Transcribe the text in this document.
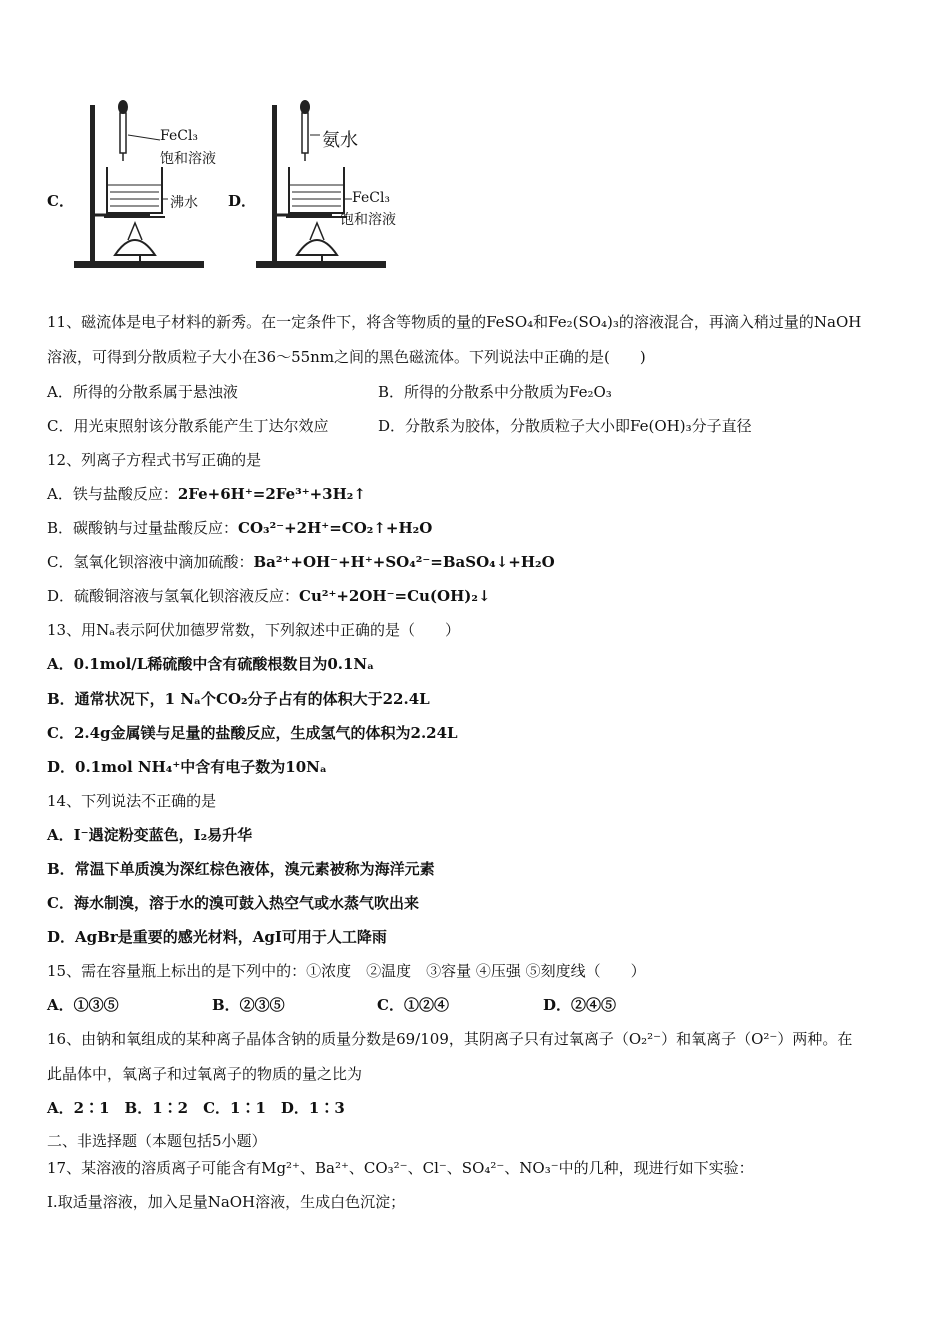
C．
FeCl₃
饱和溶液
沸水 D．
氨水
FeCl₃
饱和溶液
11、磁流体是电子材料的新秀。在一定条件下，将含等物质的量的FeSO₄和Fe₂(SO₄)₃的溶液混合，再滴入稍过量的NaOH
溶液，可得到分散质粒子大小在36～55nm之间的黑色磁流体。下列说法中正确的是(　　)
A．所得的分散系属于悬浊液	B．所得的分散系中分散质为Fe₂O₃
C．用光束照射该分散系能产生丁达尔效应	D．分散系为胶体，分散质粒子大小即Fe(OH)₃分子直径
12、列离子方程式书写正确的是
A．铁与盐酸反应：2Fe+6H⁺=2Fe³⁺+3H₂↑
B．碳酸钠与过量盐酸反应：CO₃²⁻+2H⁺=CO₂↑+H₂O
C．氢氧化钡溶液中滴加硫酸：Ba²⁺+OH⁻+H⁺+SO₄²⁻=BaSO₄↓+H₂O
D．硫酸铜溶液与氢氧化钡溶液反应：Cu²⁺+2OH⁻=Cu(OH)₂↓
13、用Nₐ表示阿伏加德罗常数，下列叙述中正确的是（　　）
A．0.1mol/L稀硫酸中含有硫酸根数目为0.1Nₐ
B．通常状况下，1 Nₐ个CO₂分子占有的体积大于22.4L
C．2.4g金属镁与足量的盐酸反应，生成氢气的体积为2.24L
D．0.1mol NH₄⁺中含有电子数为10Nₐ
14、下列说法不正确的是
A．I⁻遇淀粉变蓝色，I₂易升华
B．常温下单质溴为深红棕色液体，溴元素被称为海洋元素
C．海水制溴，溶于水的溴可鼓入热空气或水蒸气吹出来
D．AgBr是重要的感光材料，AgI可用于人工降雨
15、需在容量瓶上标出的是下列中的：①浓度　②温度　③容量 ④压强 ⑤刻度线（　　）
A．①③⑤	B．②③⑤	C．①②④	D．②④⑤
16、由钠和氧组成的某种离子晶体含钠的质量分数是69/109，其阴离子只有过氧离子（O₂²⁻）和氧离子（O²⁻）两种。在
此晶体中，氧离子和过氧离子的物质的量之比为
A．2∶1　B．1∶2　C．1∶1　D．1∶3
二、非选择题（本题包括5小题）
17、某溶液的溶质离子可能含有Mg²⁺、Ba²⁺、CO₃²⁻、Cl⁻、SO₄²⁻、NO₃⁻中的几种，现进行如下实验：
Ⅰ.取适量溶液，加入足量NaOH溶液，生成白色沉淀；
